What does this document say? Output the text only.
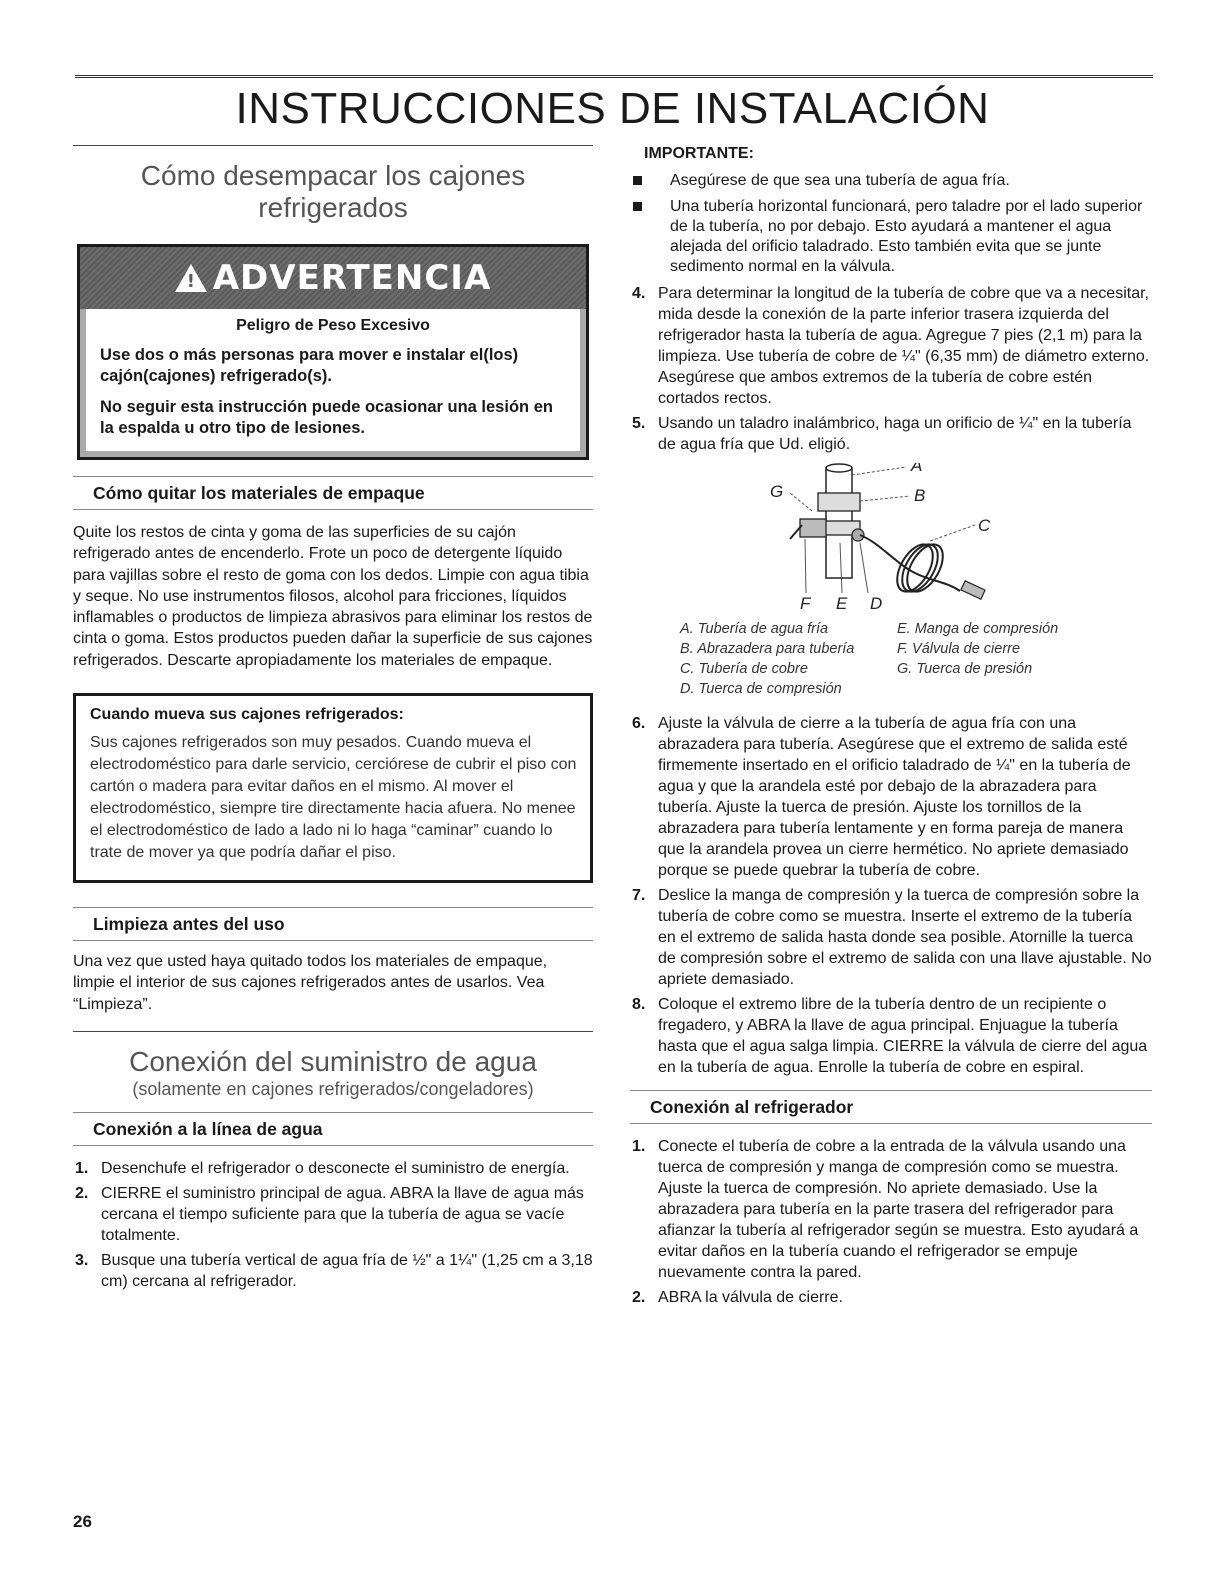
INSTRUCCIONES DE INSTALACIÓN
Cómo desempacar los cajones
refrigerados
! ADVERTENCIA
Peligro de Peso Excesivo

Use dos o más personas para mover e instalar el(los) cajón(cajones) refrigerado(s).

No seguir esta instrucción puede ocasionar una lesión en la espalda u otro tipo de lesiones.

Cómo quitar los materiales de empaque

Quite los restos de cinta y goma de las superficies de su cajón refrigerado antes de encenderlo. Frote un poco de detergente líquido para vajillas sobre el resto de goma con los dedos. Limpie con agua tibia y seque. No use instrumentos filosos, alcohol para fricciones, líquidos inflamables o productos de limpieza abrasivos para eliminar los restos de cinta o goma. Estos productos pueden dañar la superficie de sus cajones refrigerados. Descarte apropiadamente los materiales de empaque.

Cuando mueva sus cajones refrigerados:

Sus cajones refrigerados son muy pesados. Cuando mueva el electrodoméstico para darle servicio, cerciórese de cubrir el piso con cartón o madera para evitar daños en el mismo. Al mover el electrodoméstico, siempre tire directamente hacia afuera. No menee el electrodoméstico de lado a lado ni lo haga “caminar” cuando lo trate de mover ya que podría dañar el piso.

Limpieza antes del uso

Una vez que usted haya quitado todos los materiales de empaque, limpie el interior de sus cajones refrigerados antes de usarlos. Vea “Limpieza”.

Conexión del suministro de agua
(solamente en cajones refrigerados/congeladores)
Conexión a la línea de agua
1. Desenchufe el refrigerador o desconecte el suministro de energía.
2. CIERRE el suministro principal de agua. ABRA la llave de agua más cercana el tiempo suficiente para que la tubería de agua se vacíe totalmente.
3. Busque una tubería vertical de agua fría de ½" a 1¼" (1,25 cm a 3,18 cm) cercana al refrigerador.
IMPORTANTE:
Asegúrese de que sea una tubería de agua fría.
Una tubería horizontal funcionará, pero taladre por el lado superior de la tubería, no por debajo. Esto ayudará a mantener el agua alejada del orificio taladrado. Esto también evita que se junte sedimento normal en la válvula.
4. Para determinar la longitud de la tubería de cobre que va a necesitar, mida desde la conexión de la parte inferior trasera izquierda del refrigerador hasta la tubería de agua. Agregue 7 pies (2,1 m) para la limpieza. Use tubería de cobre de ¼" (6,35 mm) de diámetro externo. Asegúrese que ambos extremos de la tubería de cobre estén cortados rectos.
5. Usando un taladro inalámbrico, haga un orificio de ¼" en la tubería de agua fría que Ud. eligió.
A
B
C
D
E
F
G
A. Tubería de agua fría	E. Manga de compresión
B. Abrazadera para tubería	F. Válvula de cierre
C. Tubería de cobre	G. Tuerca de presión
D. Tuerca de compresión
6. Ajuste la válvula de cierre a la tubería de agua fría con una abrazadera para tubería. Asegúrese que el extremo de salida esté firmemente insertado en el orificio taladrado de ¼" en la tubería de agua y que la arandela esté por debajo de la abrazadera para tubería. Ajuste la tuerca de presión. Ajuste los tornillos de la abrazadera para tubería lentamente y en forma pareja de manera que la arandela provea un cierre hermético. No apriete demasiado porque se puede quebrar la tubería de cobre.
7. Deslice la manga de compresión y la tuerca de compresión sobre la tubería de cobre como se muestra. Inserte el extremo de la tubería en el extremo de salida hasta donde sea posible. Atornille la tuerca de compresión sobre el extremo de salida con una llave ajustable. No apriete demasiado.
8. Coloque el extremo libre de la tubería dentro de un recipiente o fregadero, y ABRA la llave de agua principal. Enjuague la tubería hasta que el agua salga limpia. CIERRE la válvula de cierre del agua en la tubería de agua. Enrolle la tubería de cobre en espiral.
Conexión al refrigerador
1. Conecte el tubería de cobre a la entrada de la válvula usando una tuerca de compresión y manga de compresión como se muestra. Ajuste la tuerca de compresión. No apriete demasiado. Use la abrazadera para tubería en la parte trasera del refrigerador para afianzar la tubería al refrigerador según se muestra. Esto ayudará a evitar daños en la tubería cuando el refrigerador se empuje nuevamente contra la pared.
2. ABRA la válvula de cierre.
26
